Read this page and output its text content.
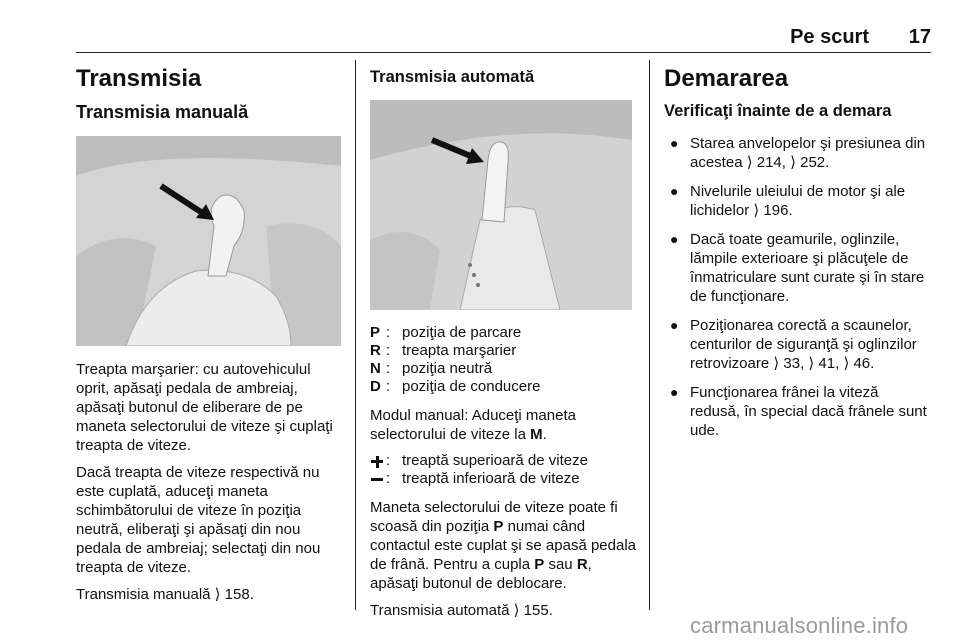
Pe scurt 17
Transmisia
Transmisia manuală

Treapta marşarier: cu autovehiculul oprit, apăsaţi pedala de ambreiaj, apăsaţi butonul de eliberare de pe maneta selectorului de viteze şi cuplaţi treapta de viteze.

Dacă treapta de viteze respectivă nu este cuplată, aduceţi maneta schimbătorului de viteze în poziţia neutră, eliberaţi şi apăsaţi din nou pedala de ambreiaj; selectaţi din nou treapta de viteze.

Transmisia manuală ⟩ 158.

Transmisia automată
P : poziţia de parcare
R : treapta marşarier
N : poziţia neutră
D : poziţia de conducere

Modul manual: Aduceţi maneta selectorului de viteze la M.

: treaptă superioară de viteze
: treaptă inferioară de viteze

Maneta selectorului de viteze poate fi scoasă din poziţia P numai când contactul este cuplat şi se apasă pedala de frână. Pentru a cupla P sau R, apăsaţi butonul de deblocare.

Transmisia automată ⟩ 155.

Demararea
Verificaţi înainte de a demara
● Starea anvelopelor şi presiunea din acestea ⟩ 214, ⟩ 252.
● Nivelurile uleiului de motor şi ale lichidelor ⟩ 196.
● Dacă toate geamurile, oglinzile, lămpile exterioare şi plăcuţele de înmatriculare sunt curate şi în stare de funcţionare.
● Poziţionarea corectă a scaunelor, centurilor de siguranţă şi oglinzilor retrovizoare ⟩ 33, ⟩ 41, ⟩ 46.
● Funcţionarea frânei la viteză redusă, în special dacă frânele sunt ude.
carmanualsonline.info
